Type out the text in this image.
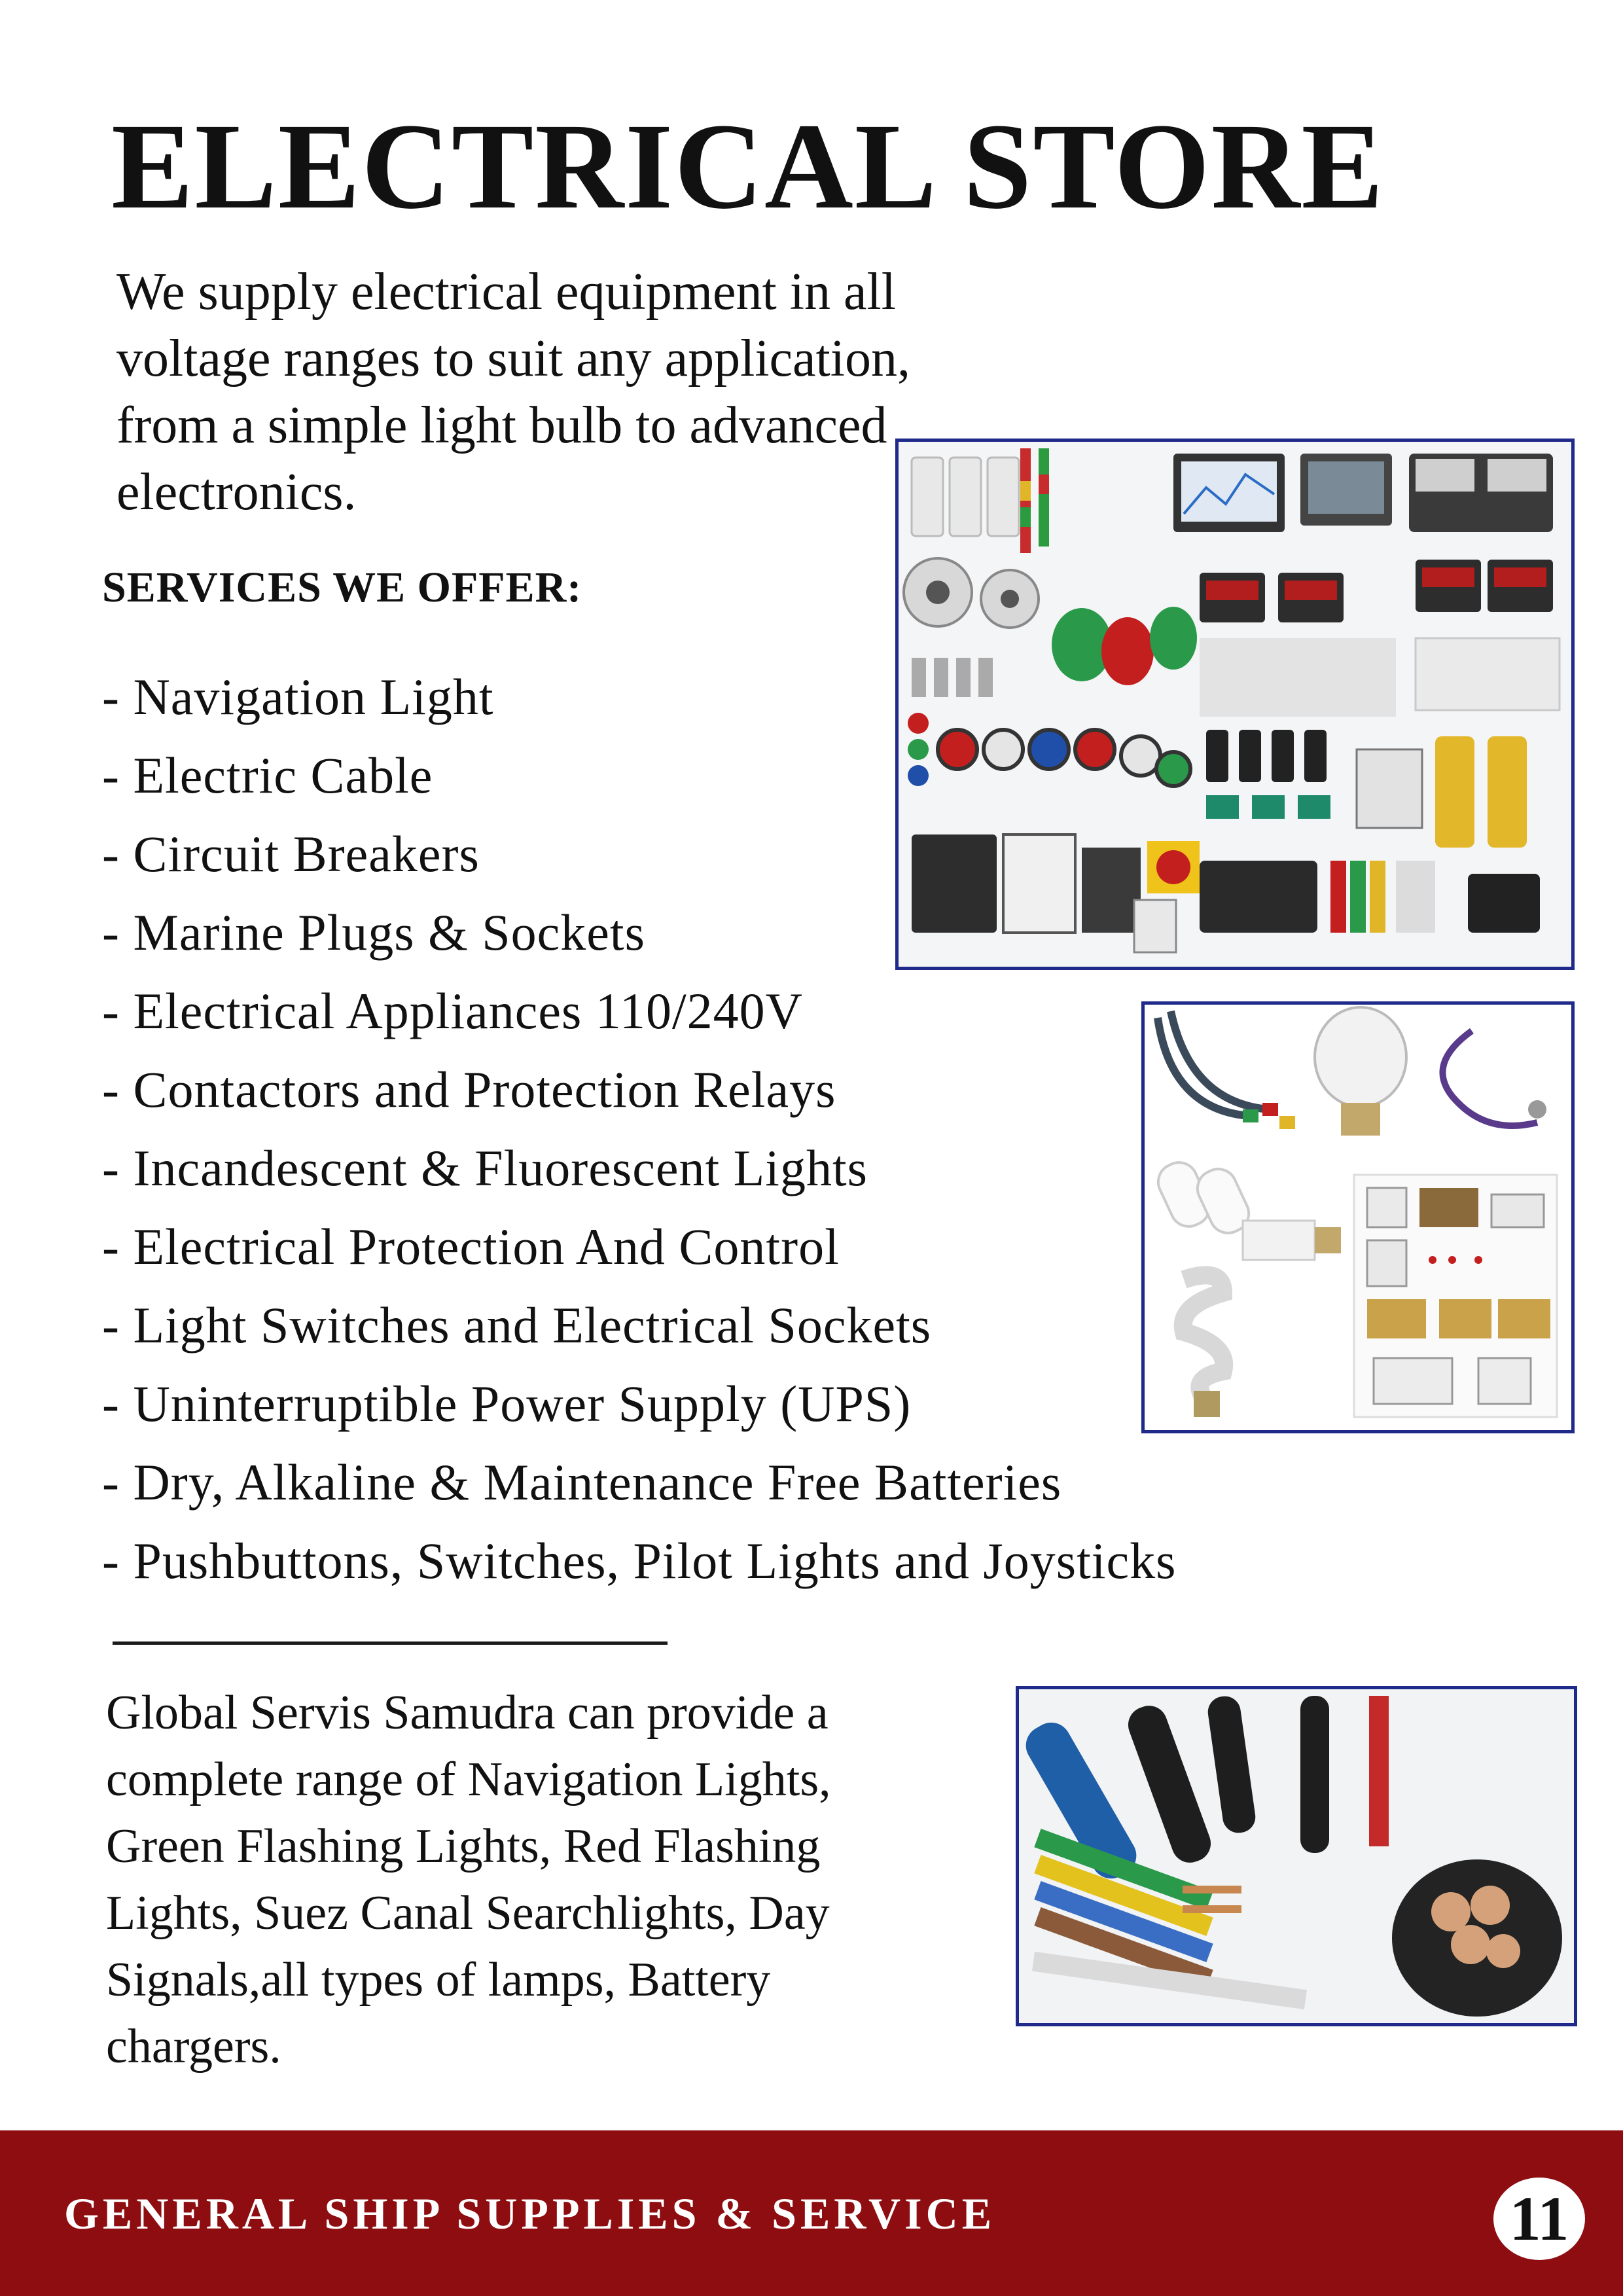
ELECTRICAL STORE

We supply electrical equipment in all voltage ranges to suit any application, from a simple light bulb to advanced electronics.

SERVICES WE OFFER:
- Navigation Light
- Electric Cable
- Circuit Breakers
- Marine Plugs & Sockets
- Electrical Appliances 110/240V
- Contactors and Protection Relays
- Incandescent & Fluorescent Lights
- Electrical Protection And Control
- Light Switches and Electrical Sockets
- Uninterruptible Power Supply (UPS)
- Dry, Alkaline & Maintenance Free Batteries
- Pushbuttons, Switches, Pilot Lights and Joysticks

Global Servis Samudra can provide a complete range of Navigation Lights, Green Flashing Lights, Red Flashing Lights, Suez Canal Searchlights, Day Signals,all types of lamps, Battery chargers.

GENERAL SHIP SUPPLIES & SERVICE	11
